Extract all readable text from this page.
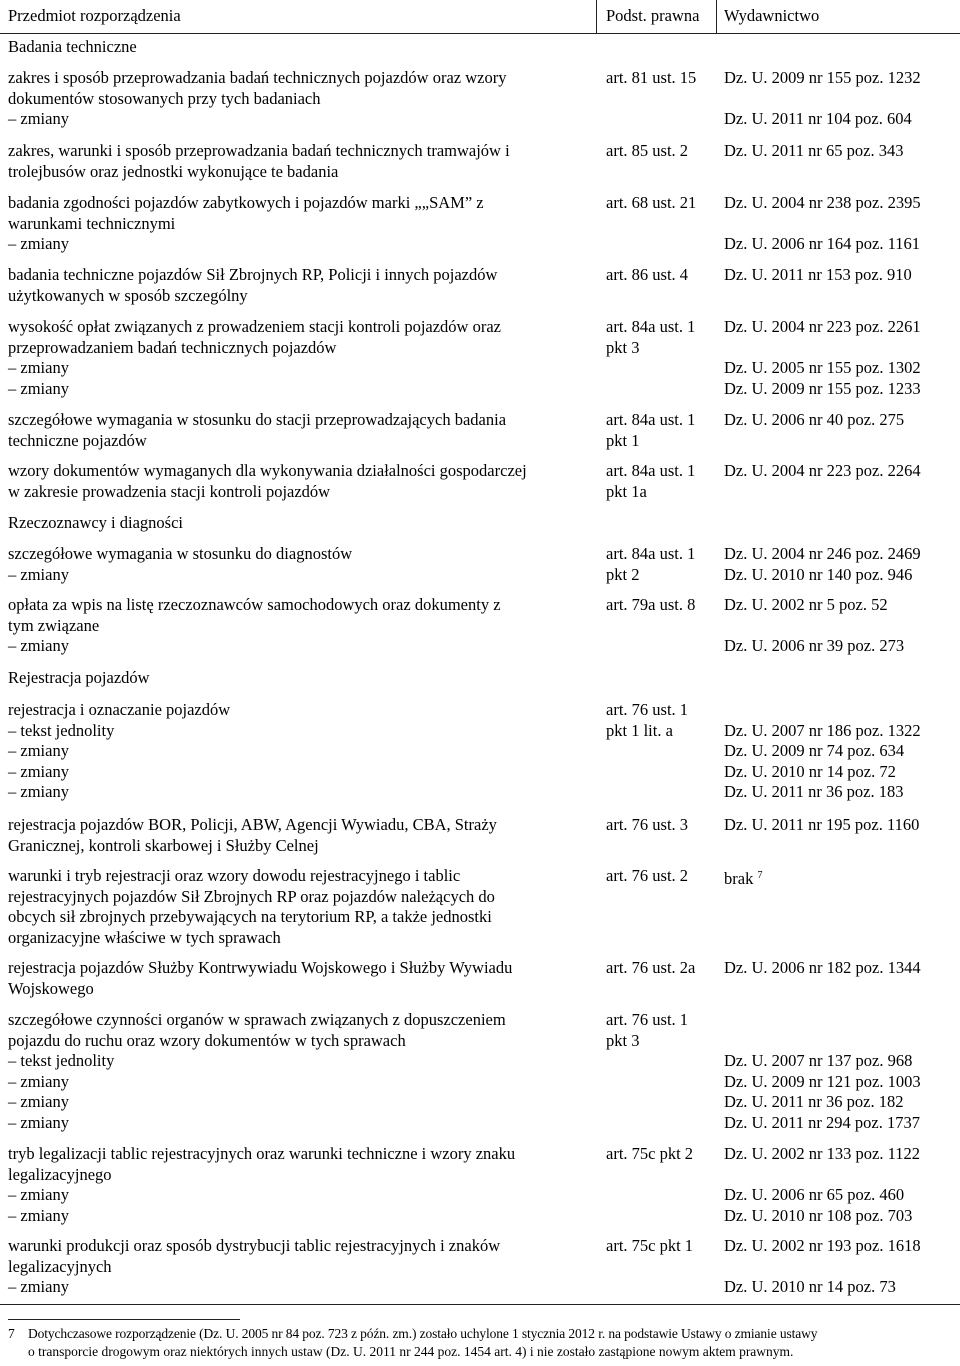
Przedmiot rozporządzenia	Podst. prawna Wydawnictwo
Badania techniczne
zakres i sposób przeprowadzania badań technicznych pojazdów oraz wzory
dokumentów stosowanych przy tych badaniach
– zmiany
art. 81 ust. 15 Dz. U. 2009 nr 155 poz. 1232
Dz. U. 2011 nr 104 poz. 604
zakres, warunki i sposób przeprowadzania badań technicznych tramwajów i
trolejbusów oraz jednostki wykonujące te badania
art. 85 ust. 2 Dz. U. 2011 nr 65 poz. 343
badania zgodności pojazdów zabytkowych i pojazdów marki „„SAM” z
warunkami technicznymi
– zmiany
art. 68 ust. 21 Dz. U. 2004 nr 238 poz. 2395
Dz. U. 2006 nr 164 poz. 1161
badania techniczne pojazdów Sił Zbrojnych RP, Policji i innych pojazdów
użytkowanych w sposób szczególny
art. 86 ust. 4 Dz. U. 2011 nr 153 poz. 910
wysokość opłat związanych z prowadzeniem stacji kontroli pojazdów oraz
przeprowadzaniem badań technicznych pojazdów
– zmiany
– zmiany
art. 84a ust. 1
pkt 3
Dz. U. 2004 nr 223 poz. 2261
Dz. U. 2005 nr 155 poz. 1302
Dz. U. 2009 nr 155 poz. 1233
szczegółowe wymagania w stosunku do stacji przeprowadzających badania
techniczne pojazdów
art. 84a ust. 1
pkt 1
Dz. U. 2006 nr 40 poz. 275
wzory dokumentów wymaganych dla wykonywania działalności gospodarczej
w zakresie prowadzenia stacji kontroli pojazdów
art. 84a ust. 1
pkt 1a
Dz. U. 2004 nr 223 poz. 2264
Rzeczoznawcy i diagności
szczegółowe wymagania w stosunku do diagnostów
– zmiany
art. 84a ust. 1
pkt 2
Dz. U. 2004 nr 246 poz. 2469
Dz. U. 2010 nr 140 poz. 946
opłata za wpis na listę rzeczoznawców samochodowych oraz dokumenty z
tym związane
– zmiany
art. 79a ust. 8 Dz. U. 2002 nr 5 poz. 52
Dz. U. 2006 nr 39 poz. 273
Rejestracja pojazdów
rejestracja i oznaczanie pojazdów
– tekst jednolity
– zmiany
– zmiany
– zmiany
art. 76 ust. 1
pkt 1 lit. a	Dz. U. 2007 nr 186 poz. 1322
Dz. U. 2009 nr 74 poz. 634
Dz. U. 2010 nr 14 poz. 72
Dz. U. 2011 nr 36 poz. 183
rejestracja pojazdów BOR, Policji, ABW, Agencji Wywiadu, CBA, Straży
Granicznej, kontroli skarbowej i Służby Celnej
art. 76 ust. 3 Dz. U. 2011 nr 195 poz. 1160
warunki i tryb rejestracji oraz wzory dowodu rejestracyjnego i tablic
rejestracyjnych pojazdów Sił Zbrojnych RP oraz pojazdów należących do
obcych sił zbrojnych przebywających na terytorium RP, a także jednostki
organizacyjne właściwe w tych sprawach
art. 76 ust. 2 brak $^7$
rejestracja pojazdów Służby Kontrwywiadu Wojskowego i Służby Wywiadu
Wojskowego
art. 76 ust. 2a Dz. U. 2006 nr 182 poz. 1344
szczegółowe czynności organów w sprawach związanych z dopuszczeniem
pojazdu do ruchu oraz wzory dokumentów w tych sprawach
– tekst jednolity
– zmiany
– zmiany
– zmiany
art. 76 ust. 1
pkt 3
Dz. U. 2007 nr 137 poz. 968
Dz. U. 2009 nr 121 poz. 1003
Dz. U. 2011 nr 36 poz. 182
Dz. U. 2011 nr 294 poz. 1737
tryb legalizacji tablic rejestracyjnych oraz warunki techniczne i wzory znaku
legalizacyjnego
– zmiany
– zmiany
art. 75c pkt 2 Dz. U. 2002 nr 133 poz. 1122
Dz. U. 2006 nr 65 poz. 460
Dz. U. 2010 nr 108 poz. 703
warunki produkcji oraz sposób dystrybucji tablic rejestracyjnych i znaków
legalizacyjnych
– zmiany
art. 75c pkt 1 Dz. U. 2002 nr 193 poz. 1618
Dz. U. 2010 nr 14 poz. 73
7 Dotychczasowe rozporządzenie (Dz. U. 2005 nr 84 poz. 723 z późn. zm.) zostało uchylone 1 stycznia 2012 r. na podstawie Ustawy o zmianie ustawy
o transporcie drogowym oraz niektórych innych ustaw (Dz. U. 2011 nr 244 poz. 1454 art. 4) i nie zostało zastąpione nowym aktem prawnym.
